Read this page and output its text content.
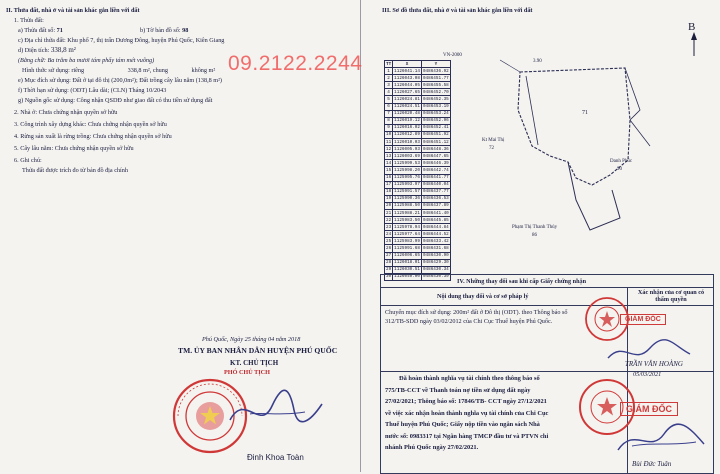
II. Thửa đất, nhà ở và tài sản khác gắn liền với đất
1. Thửa đất:
a) Thửa đất số: 71	b) Tờ bản đồ số: 98
c) Địa chỉ thửa đất: Khu phố 7, thị trấn Dương Đông, huyện Phú Quốc, Kiên Giang
d) Diện tích: 338,8 m²
(Bằng chữ: Ba trăm ba mươi tám phẩy tám mét vuông)
Hình thức sử dụng: riêng	338,8 m², chung	không m²
e) Mục đích sử dụng: Đất ở tại đô thị (200,0m²); Đất trồng cây lâu năm (138,8 m²)
f) Thời hạn sử dụng: (ODT) Lâu dài; (CLN) Tháng 10/2043
g) Nguồn gốc sử dụng: Công nhận QSDĐ như giao đất có thu tiền sử dụng đất
2. Nhà ở: Chưa chứng nhận quyền sở hữu
3. Công trình xây dựng khác: Chưa chứng nhận quyền sở hữu
4. Rừng sản xuất là rừng trồng: Chưa chứng nhận quyền sở hữu
5. Cây lâu năm: Chưa chứng nhận quyền sở hữu
6. Ghi chú:
Thửa đất được trích đo từ bản đồ địa chính
Phú Quốc, Ngày 25 tháng 04 năm 2018
TM. ỦY BAN NHÂN DÂN HUYỆN PHÚ QUỐC
KT. CHỦ TỊCH
PHÓ CHỦ TỊCH
Đinh Khoa Toàn
09.2122.2244
III. Sơ đồ thửa đất, nhà ở và tài sản khác gắn liền với đất
B
TT	X	Y
1	1126041.14	0486436.92
2	1126043.08	0486451.77
3	1126044.05	0486455.58
4	1126027.65	0486452.70
5	1126024.81	0486452.35
6	1126024.51	0486453.19
7	1126020.48	0486453.24
8	1126019.12	0486452.96
9	1126016.02	0486452.41
10	1126012.89	0486451.92
11	1126010.03	0486451.12
12	1126005.93	0486448.36
13	1126003.69	0486447.65
14	1125999.53	0486446.39
15	1125998.20	0486442.74
16	1125995.76	0486441.77
17	1125993.97	0486440.04
18	1125991.57	0486437.77
19	1125990.36	0486436.53
20	1125988.50	0486437.89
21	1125988.21	0486441.40
22	1125983.50	0486445.85
23	1125978.94	0486444.84
24	1125977.64	0486444.52
25	1125983.99	0486433.42
26	1125991.68	0486431.68
27	1126006.65	0486430.90
28	1126018.01	0486429.30
29	1126030.51	0486430.34
30	1126040.00	0486430.39
VN-2000
3.90
71
Kt Mai Thị
72
Danh Phúc
90
Phạm Thị Thanh Thủy
86
IV. Những thay đổi sau khi cấp Giấy chứng nhận
Nội dung thay đổi và cơ sở pháp lý
Xác nhận của cơ quan có thẩm quyền
Chuyển mục đích sử dụng: 200m² đất ở Đô thị (ODT). theo Thông báo số
312/TB-SDD ngày 03/02/2012 của Chi Cục Thuế huyện Phú Quốc.
Đã hoàn thành nghĩa vụ tài chính theo thông báo số
775/TB-CCT về Thanh toán nợ tiền sử dụng đất ngày
27/02/2021; Thông báo số: 17846/TB- CCT ngày 27/12/2021
về việc xác nhận hoàn thành nghĩa vụ tài chính của Chi Cục
Thuế huyện Phú Quốc; Giấy nộp tiền vào ngân sách Nhà
nước số: 0983317 tại Ngân hàng TMCP đầu tư và PTVN chi
nhánh Phú Quốc ngày 27/02/2021.
GIÁM ĐỐC
TRẦN VĂN HOÀNG
05/03/2021
GIÁM ĐỐC
Bùi Đức Tuân
